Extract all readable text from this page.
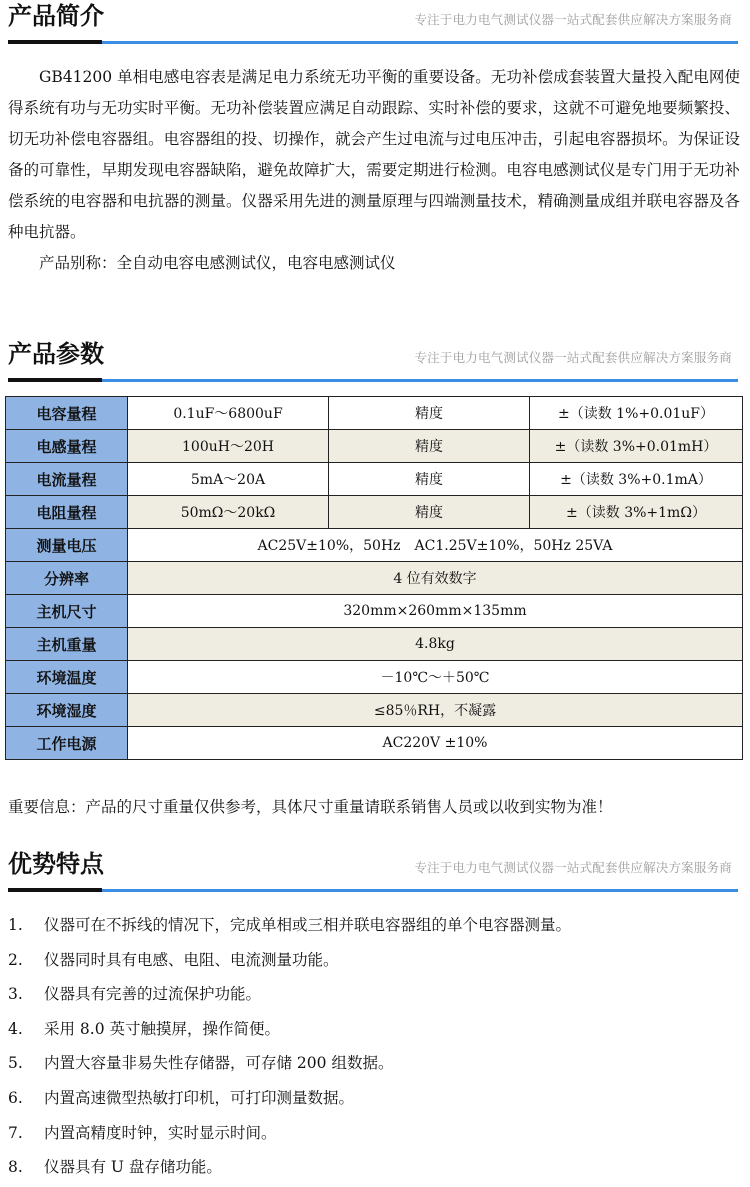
产品简介	专注于电力电气测试仪器一站式配套供应解决方案服务商

GB41200 单相电感电容表是满足电力系统无功平衡的重要设备。无功补偿成套装置大量投入配电网使得系统有功与无功实时平衡。无功补偿装置应满足自动跟踪、实时补偿的要求，这就不可避免地要频繁投、切无功补偿电容器组。电容器组的投、切操作，就会产生过电流与过电压冲击，引起电容器损坏。为保证设备的可靠性，早期发现电容器缺陷，避免故障扩大，需要定期进行检测。电容电感测试仪是专门用于无功补偿系统的电容器和电抗器的测量。仪器采用先进的测量原理与四端测量技术，精确测量成组并联电容器及各种电抗器。

产品别称：全自动电容电感测试仪，电容电感测试仪

产品参数	专注于电力电气测试仪器一站式配套供应解决方案服务商
电容量程	0.1uF～6800uF	精度	±（读数 1%+0.01uF）
电感量程	100uH～20H	精度	±（读数 3%+0.01mH）
电流量程	5mA～20A	精度	±（读数 3%+0.1mA）
电阻量程	50mΩ～20kΩ	精度	±（读数 3%+1mΩ）
测量电压	AC25V±10%，50Hz　AC1.25V±10%，50Hz 25VA		
分辨率	4 位有效数字		
主机尺寸	320mm×260mm×135mm		
主机重量	4.8kg		
环境温度	－10℃～＋50℃		
环境湿度	≤85％RH，不凝露		
工作电源	AC220V ±10%		

重要信息：产品的尺寸重量仅供参考，具体尺寸重量请联系销售人员或以收到实物为准！

优势特点	专注于电力电气测试仪器一站式配套供应解决方案服务商
1.	仪器可在不拆线的情况下，完成单相或三相并联电容器组的单个电容器测量。
2.	仪器同时具有电感、电阻、电流测量功能。
3.	仪器具有完善的过流保护功能。
4.	采用 8.0 英寸触摸屏，操作简便。
5.	内置大容量非易失性存储器，可存储 200 组数据。
6.	内置高速微型热敏打印机，可打印测量数据。
7.	内置高精度时钟，实时显示时间。
8.	仪器具有 U 盘存储功能。
